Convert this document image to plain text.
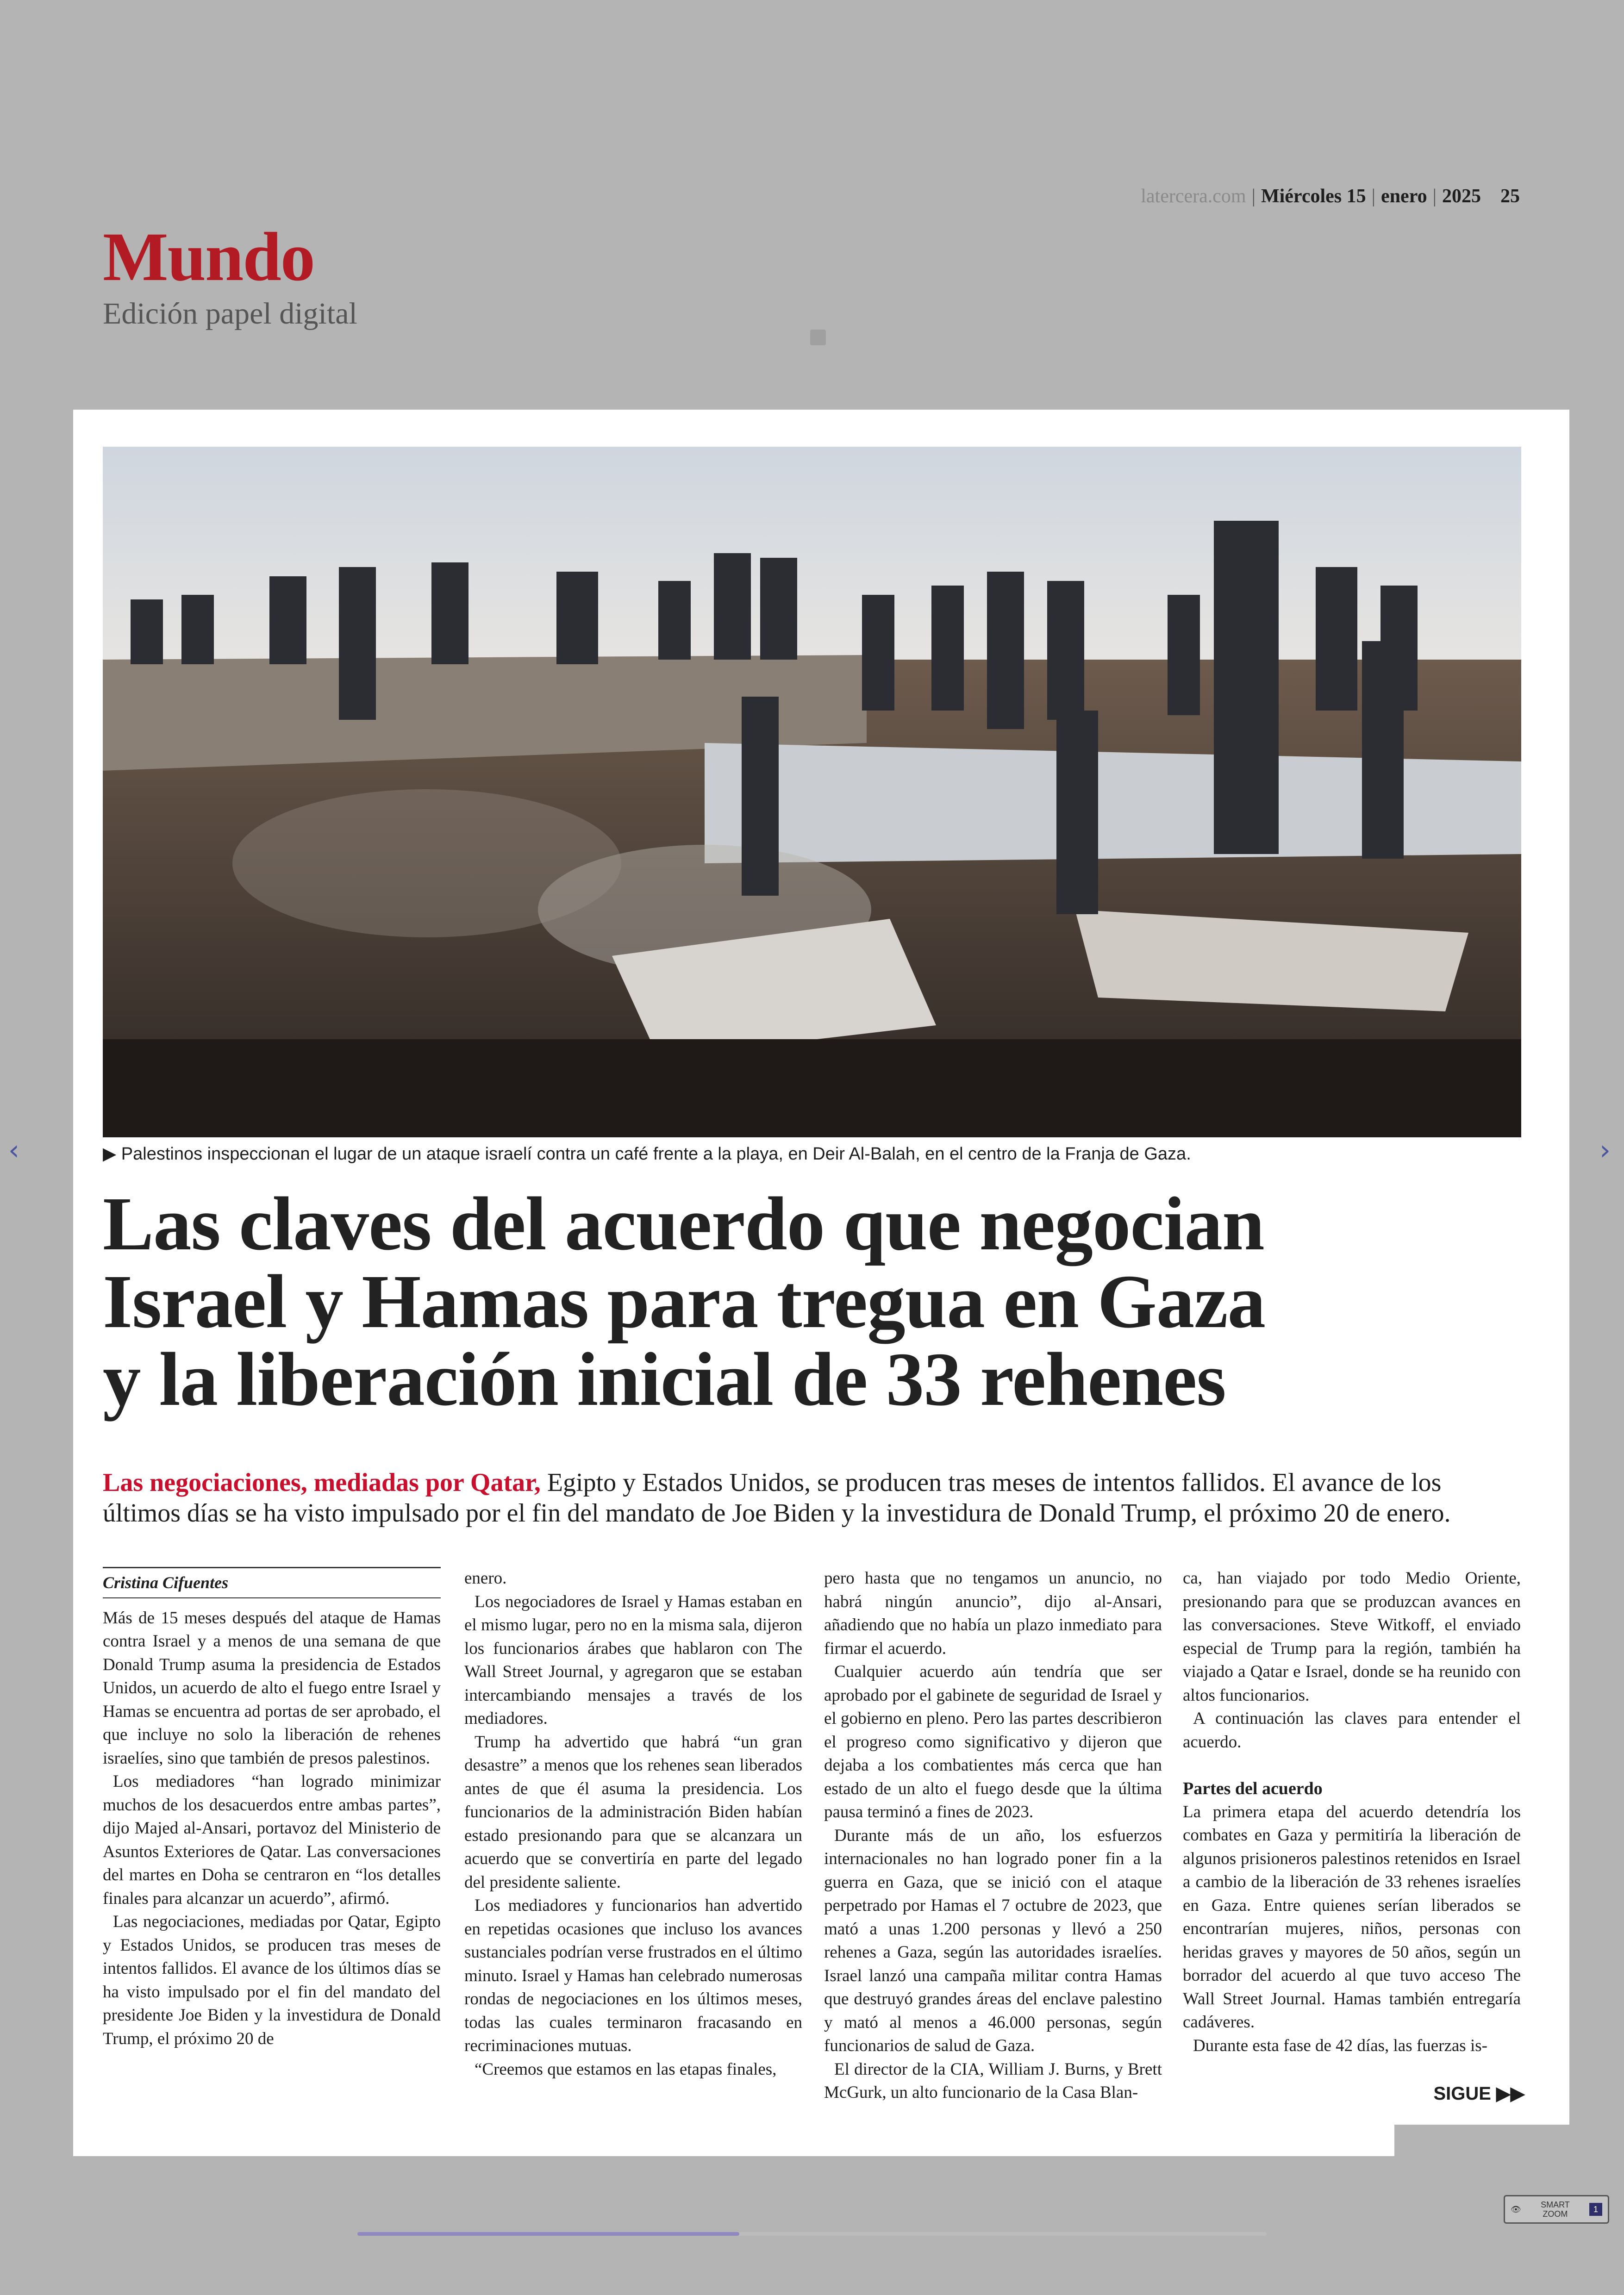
latercera.com | Miércoles 15 | enero | 2025 25
Mundo
Edición papel digital
SIGUE ▶▶
▶ Palestinos inspeccionan el lugar de un ataque israelí contra un café frente a la playa, en Deir Al-Balah, en el centro de la Franja de Gaza.
Las claves del acuerdo que negocian
Israel y Hamas para tregua en Gaza
y la liberación inicial de 33 rehenes
Las negociaciones, mediadas por Qatar, Egipto y Estados Unidos, se producen tras meses de intentos fallidos. El avance de los últimos días se ha visto impulsado por el fin del mandato de Joe Biden y la investidura de Donald Trump, el próximo 20 de enero.
Cristina Cifuentes

Más de 15 meses después del ataque de Hamas contra Israel y a menos de una semana de que Donald Trump asuma la presidencia de Estados Unidos, un acuerdo de alto el fuego entre Israel y Hamas se encuentra ad portas de ser aprobado, el que incluye no solo la liberación de rehenes israelíes, sino que también de presos palestinos.

Los mediadores “han logrado minimizar muchos de los desacuerdos entre ambas partes”, dijo Majed al-Ansari, portavoz del Ministerio de Asuntos Exteriores de Qatar. Las conversaciones del martes en Doha se centraron en “los detalles finales para alcanzar un acuerdo”, afirmó.

Las negociaciones, mediadas por Qatar, Egipto y Estados Unidos, se producen tras meses de intentos fallidos. El avance de los últimos días se ha visto impulsado por el fin del mandato del presidente Joe Biden y la investidura de Donald Trump, el próximo 20 de

enero.

Los negociadores de Israel y Hamas estaban en el mismo lugar, pero no en la misma sala, dijeron los funcionarios árabes que hablaron con The Wall Street Journal, y agregaron que se estaban intercambiando mensajes a través de los mediadores.

Trump ha advertido que habrá “un gran desastre” a menos que los rehenes sean liberados antes de que él asuma la presidencia. Los funcionarios de la administración Biden habían estado presionando para que se alcanzara un acuerdo que se convertiría en parte del legado del presidente saliente.

Los mediadores y funcionarios han advertido en repetidas ocasiones que incluso los avances sustanciales podrían verse frustrados en el último minuto. Israel y Hamas han celebrado numerosas rondas de negociaciones en los últimos meses, todas las cuales terminaron fracasando en recriminaciones mutuas.

“Creemos que estamos en las etapas finales,

pero hasta que no tengamos un anuncio, no habrá ningún anuncio”, dijo al-Ansari, añadiendo que no había un plazo inmediato para firmar el acuerdo.

Cualquier acuerdo aún tendría que ser aprobado por el gabinete de seguridad de Israel y el gobierno en pleno. Pero las partes describieron el progreso como significativo y dijeron que dejaba a los combatientes más cerca que han estado de un alto el fuego desde que la última pausa terminó a fines de 2023.

Durante más de un año, los esfuerzos internacionales no han logrado poner fin a la guerra en Gaza, que se inició con el ataque perpetrado por Hamas el 7 octubre de 2023, que mató a unas 1.200 personas y llevó a 250 rehenes a Gaza, según las autoridades israelíes. Israel lanzó una campaña militar contra Hamas que destruyó grandes áreas del enclave palestino y mató al menos a 46.000 personas, según funcionarios de salud de Gaza.

El director de la CIA, William J. Burns, y Brett McGurk, un alto funcionario de la Casa Blan-

ca, han viajado por todo Medio Oriente, presionando para que se produzcan avances en las conversaciones. Steve Witkoff, el enviado especial de Trump para la región, también ha viajado a Qatar e Israel, donde se ha reunido con altos funcionarios.

A continuación las claves para entender el acuerdo.

Partes del acuerdo

La primera etapa del acuerdo detendría los combates en Gaza y permitiría la liberación de algunos prisioneros palestinos retenidos en Israel a cambio de la liberación de 33 rehenes israelíes en Gaza. Entre quienes serían liberados se encontrarían mujeres, niños, personas con heridas graves y mayores de 50 años, según un borrador del acuerdo al que tuvo acceso The Wall Street Journal. Hamas también entregaría cadáveres.

Durante esta fase de 42 días, las fuerzas is-

‹	›
👁 SMART
ZOOM
1
